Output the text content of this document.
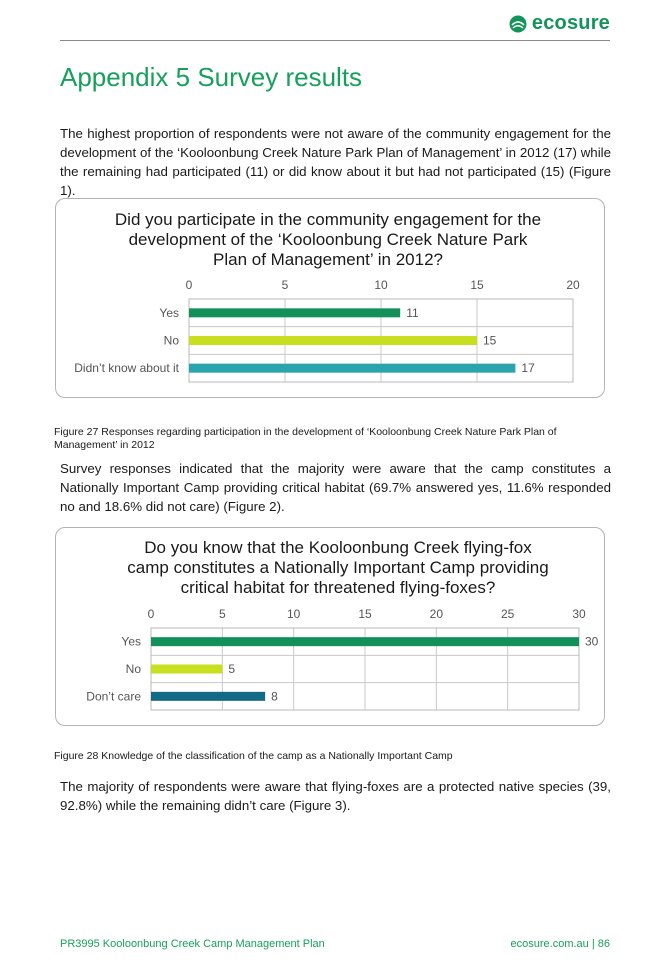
ecosure
Appendix 5 Survey results

The highest proportion of respondents were not aware of the community engagement for the development of the ‘Kooloonbung Creek Nature Park Plan of Management’ in 2012 (17) while the remaining had participated (11) or did know about it but had not participated (15) (Figure 1).

Did you participate in the community engagement for the
development of the ‘Kooloonbung Creek Nature Park
Plan of Management’ in 2012?
0	5	10	15	20
Yes	11
No	15
Didn’t know about it	17

Figure 27 Responses regarding participation in the development of ‘Kooloonbung Creek Nature Park Plan of Management’ in 2012

Survey responses indicated that the majority were aware that the camp constitutes a Nationally Important Camp providing critical habitat (69.7% answered yes, 11.6% responded no and 18.6% did not care) (Figure 2).

Do you know that the Kooloonbung Creek flying-fox
camp constitutes a Nationally Important Camp providing
critical habitat for threatened flying-foxes?
0	5	10	15	20	25	30
Yes	30
No	5
Don’t care	8

Figure 28 Knowledge of the classification of the camp as a Nationally Important Camp

The majority of respondents were aware that flying-foxes are a protected native species (39, 92.8%) while the remaining didn’t care (Figure 3).

PR3995 Kooloonbung Creek Camp Management Plan	ecosure.com.au | 86
